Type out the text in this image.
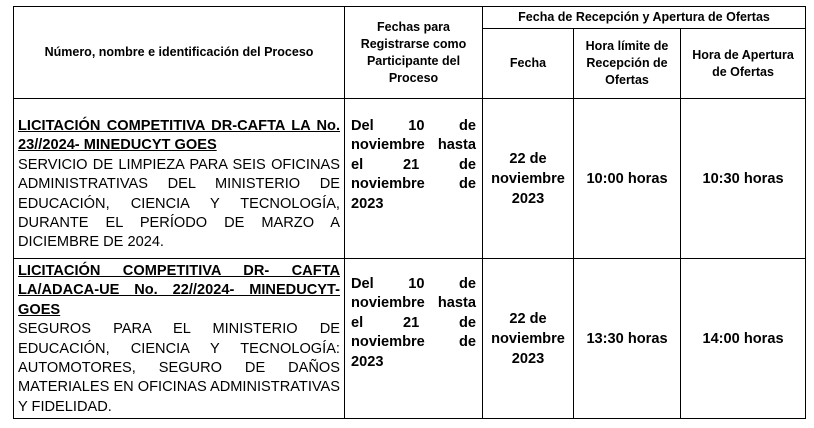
Número, nombre e identificación del Proceso	Fechas para Registrarse como Participante del Proceso	Fecha de Recepción y Apertura de Ofertas		
		Fecha	Hora límite de Recepción de Ofertas	Hora de Apertura de Ofertas

LICITACIÓN COMPETITIVA DR-CAFTA LA No. 23//2024- MINEDUCYT GOES
SERVICIO DE LIMPIEZA PARA SEIS OFICINAS ADMINISTRATIVAS DEL MINISTERIO DE EDUCACIÓN, CIENCIA Y TECNOLOGÍA, DURANTE EL PERÍODO DE MARZO A DICIEMBRE DE 2024.	Del 10 de noviembre hasta el 21 de noviembre de 2023	22 de noviembre 2023	10:00 horas	10:30 horas

LICITACIÓN COMPETITIVA DR- CAFTA LA/ADACA-UE No. 22//2024- MINEDUCYT-GOES
SEGUROS PARA EL MINISTERIO DE EDUCACIÓN, CIENCIA Y TECNOLOGÍA: AUTOMOTORES, SEGURO DE DAÑOS MATERIALES EN OFICINAS ADMINISTRATIVAS Y FIDELIDAD.	Del 10 de noviembre hasta el 21 de noviembre de 2023	22 de noviembre 2023	13:30 horas	14:00 horas
